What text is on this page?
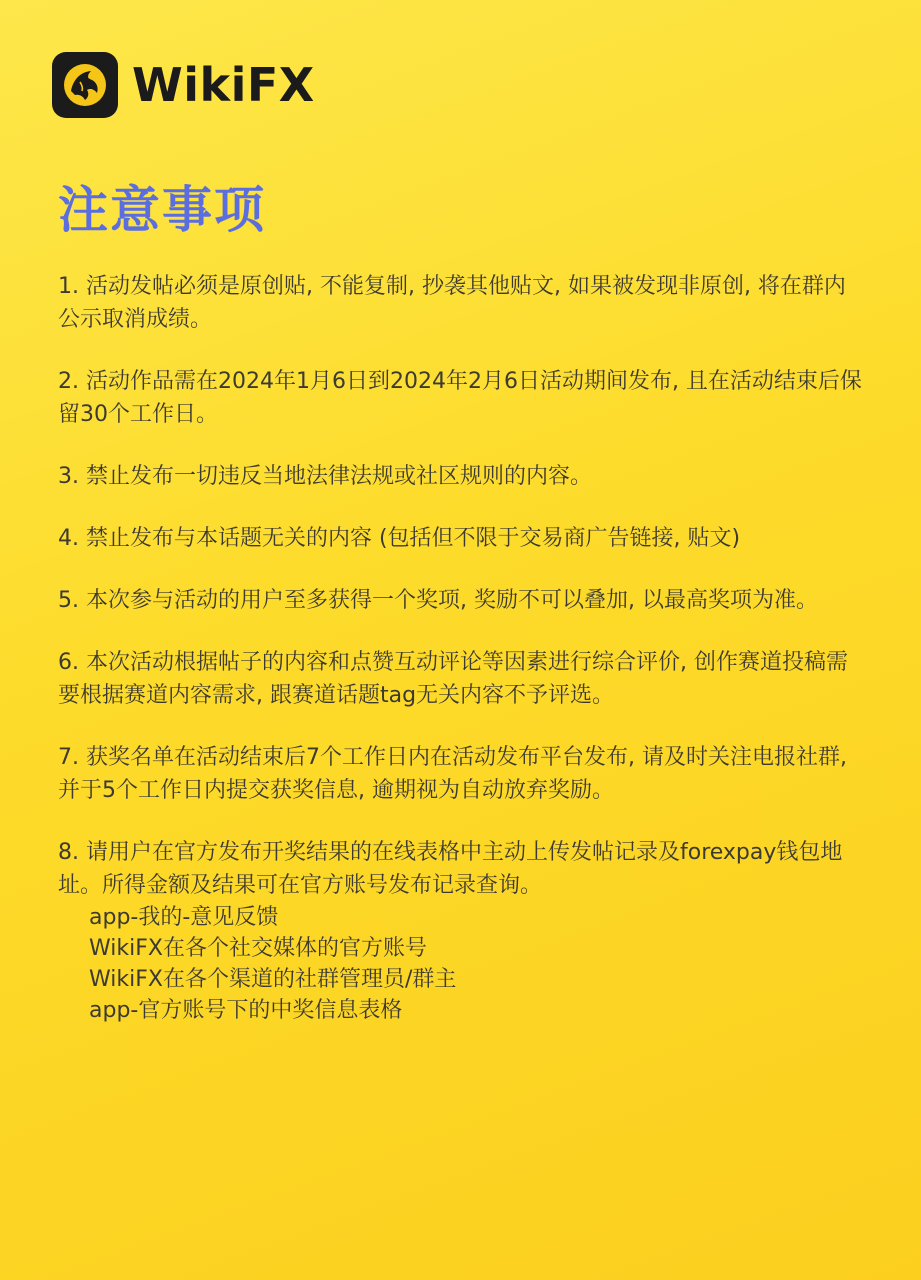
WikiFX
注意事项
1. 活动发帖必须是原创贴, 不能复制, 抄袭其他贴文, 如果被发现非原创, 将在群内公示取消成绩。
2. 活动作品需在2024年1月6日到2024年2月6日活动期间发布, 且在活动结束后保留30个工作日。
3. 禁止发布一切违反当地法律法规或社区规则的内容。
4. 禁止发布与本话题无关的内容 (包括但不限于交易商广告链接, 贴文)
5. 本次参与活动的用户至多获得一个奖项, 奖励不可以叠加, 以最高奖项为准。
6. 本次活动根据帖子的内容和点赞互动评论等因素进行综合评价, 创作赛道投稿需要根据赛道内容需求, 跟赛道话题tag无关内容不予评选。
7. 获奖名单在活动结束后7个工作日内在活动发布平台发布, 请及时关注电报社群, 并于5个工作日内提交获奖信息, 逾期视为自动放弃奖励。
8. 请用户在官方发布开奖结果的在线表格中主动上传发帖记录及forexpay钱包地址。所得金额及结果可在官方账号发布记录查询。
app-我的-意见反馈
WikiFX在各个社交媒体的官方账号
WikiFX在各个渠道的社群管理员/群主
app-官方账号下的中奖信息表格
